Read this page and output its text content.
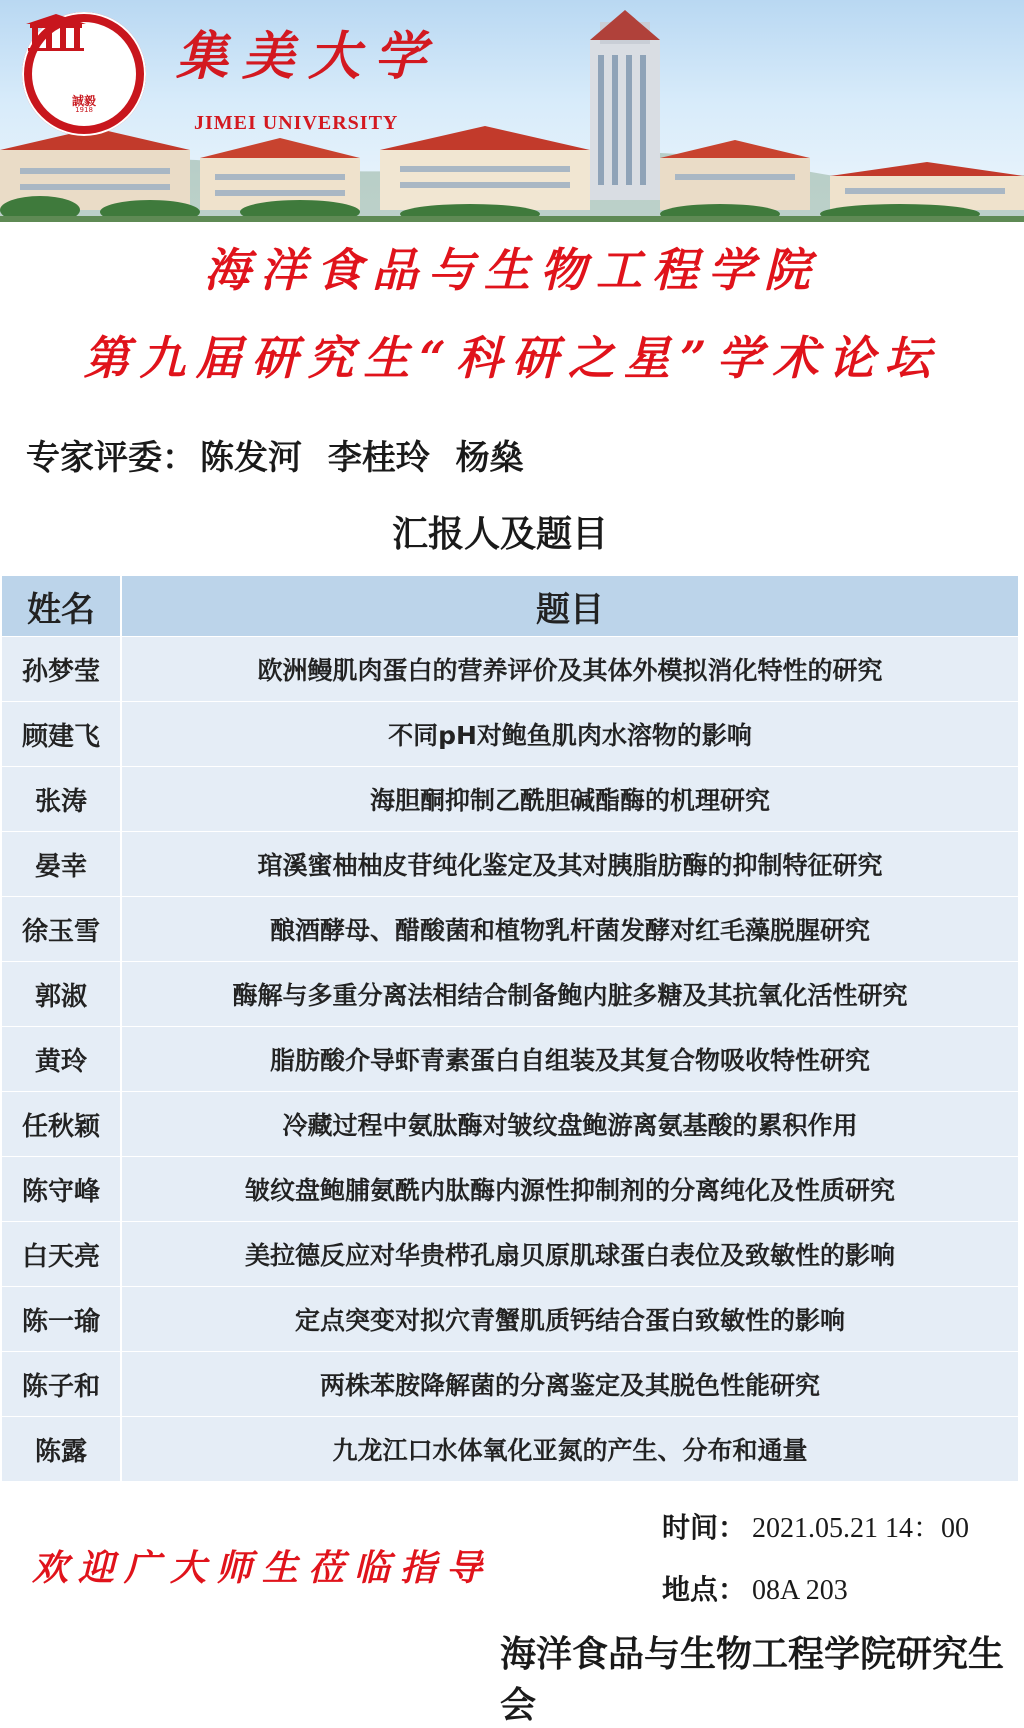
誠毅
1918
集美大学
JIMEI UNIVERSITY
海洋食品与生物工程学院
第九届研究生“科研之星”学术论坛
专家评委： 陈发河 李桂玲 杨燊
汇报人及题目
姓名	题目
孙梦莹	欧洲鳗肌肉蛋白的营养评价及其体外模拟消化特性的研究
顾建飞	不同pH对鲍鱼肌肉水溶物的影响
张涛	海胆酮抑制乙酰胆碱酯酶的机理研究
晏幸	琯溪蜜柚柚皮苷纯化鉴定及其对胰脂肪酶的抑制特征研究
徐玉雪	酿酒酵母、醋酸菌和植物乳杆菌发酵对红毛藻脱腥研究
郭淑	酶解与多重分离法相结合制备鲍内脏多糖及其抗氧化活性研究
黄玲	脂肪酸介导虾青素蛋白自组装及其复合物吸收特性研究
任秋颖	冷藏过程中氨肽酶对皱纹盘鲍游离氨基酸的累积作用
陈守峰	皱纹盘鲍脯氨酰内肽酶内源性抑制剂的分离纯化及性质研究
白天亮	美拉德反应对华贵栉孔扇贝原肌球蛋白表位及致敏性的影响
陈一瑜	定点突变对拟穴青蟹肌质钙结合蛋白致敏性的影响
陈子和	两株苯胺降解菌的分离鉴定及其脱色性能研究
陈露	九龙江口水体氧化亚氮的产生、分布和通量
欢迎广大师生莅临指导
时间： 2021.05.21 14：00
地点： 08A 203
海洋食品与生物工程学院研究生会
